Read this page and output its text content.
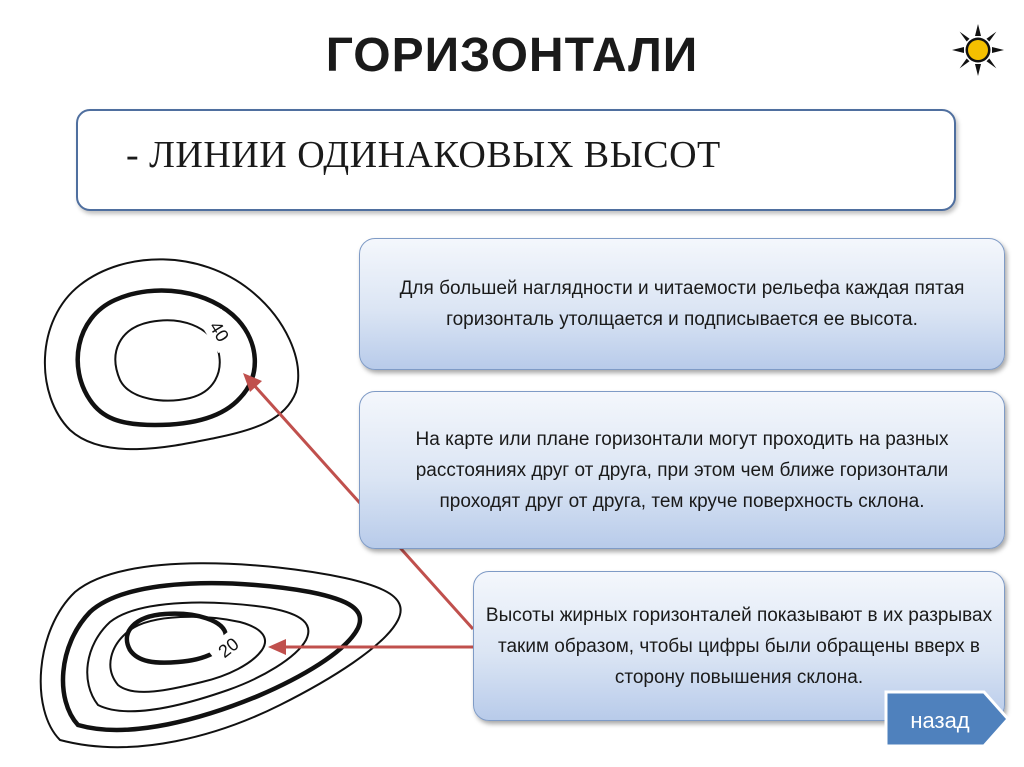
ГОРИЗОНТАЛИ
- ЛИНИИ ОДИНАКОВЫХ ВЫСОТ
40
20
Для большей наглядности и читаемости рельефа каждая пятая горизонталь утолщается и подписывается ее высота.
На карте или плане горизонтали могут проходить на разных расстояниях друг от друга, при этом чем ближе горизонтали проходят друг от друга, тем круче поверхность склона.
Высоты жирных горизонталей показывают в их разрывах таким образом, чтобы цифры были обращены вверх в сторону повышения склона.
назад
